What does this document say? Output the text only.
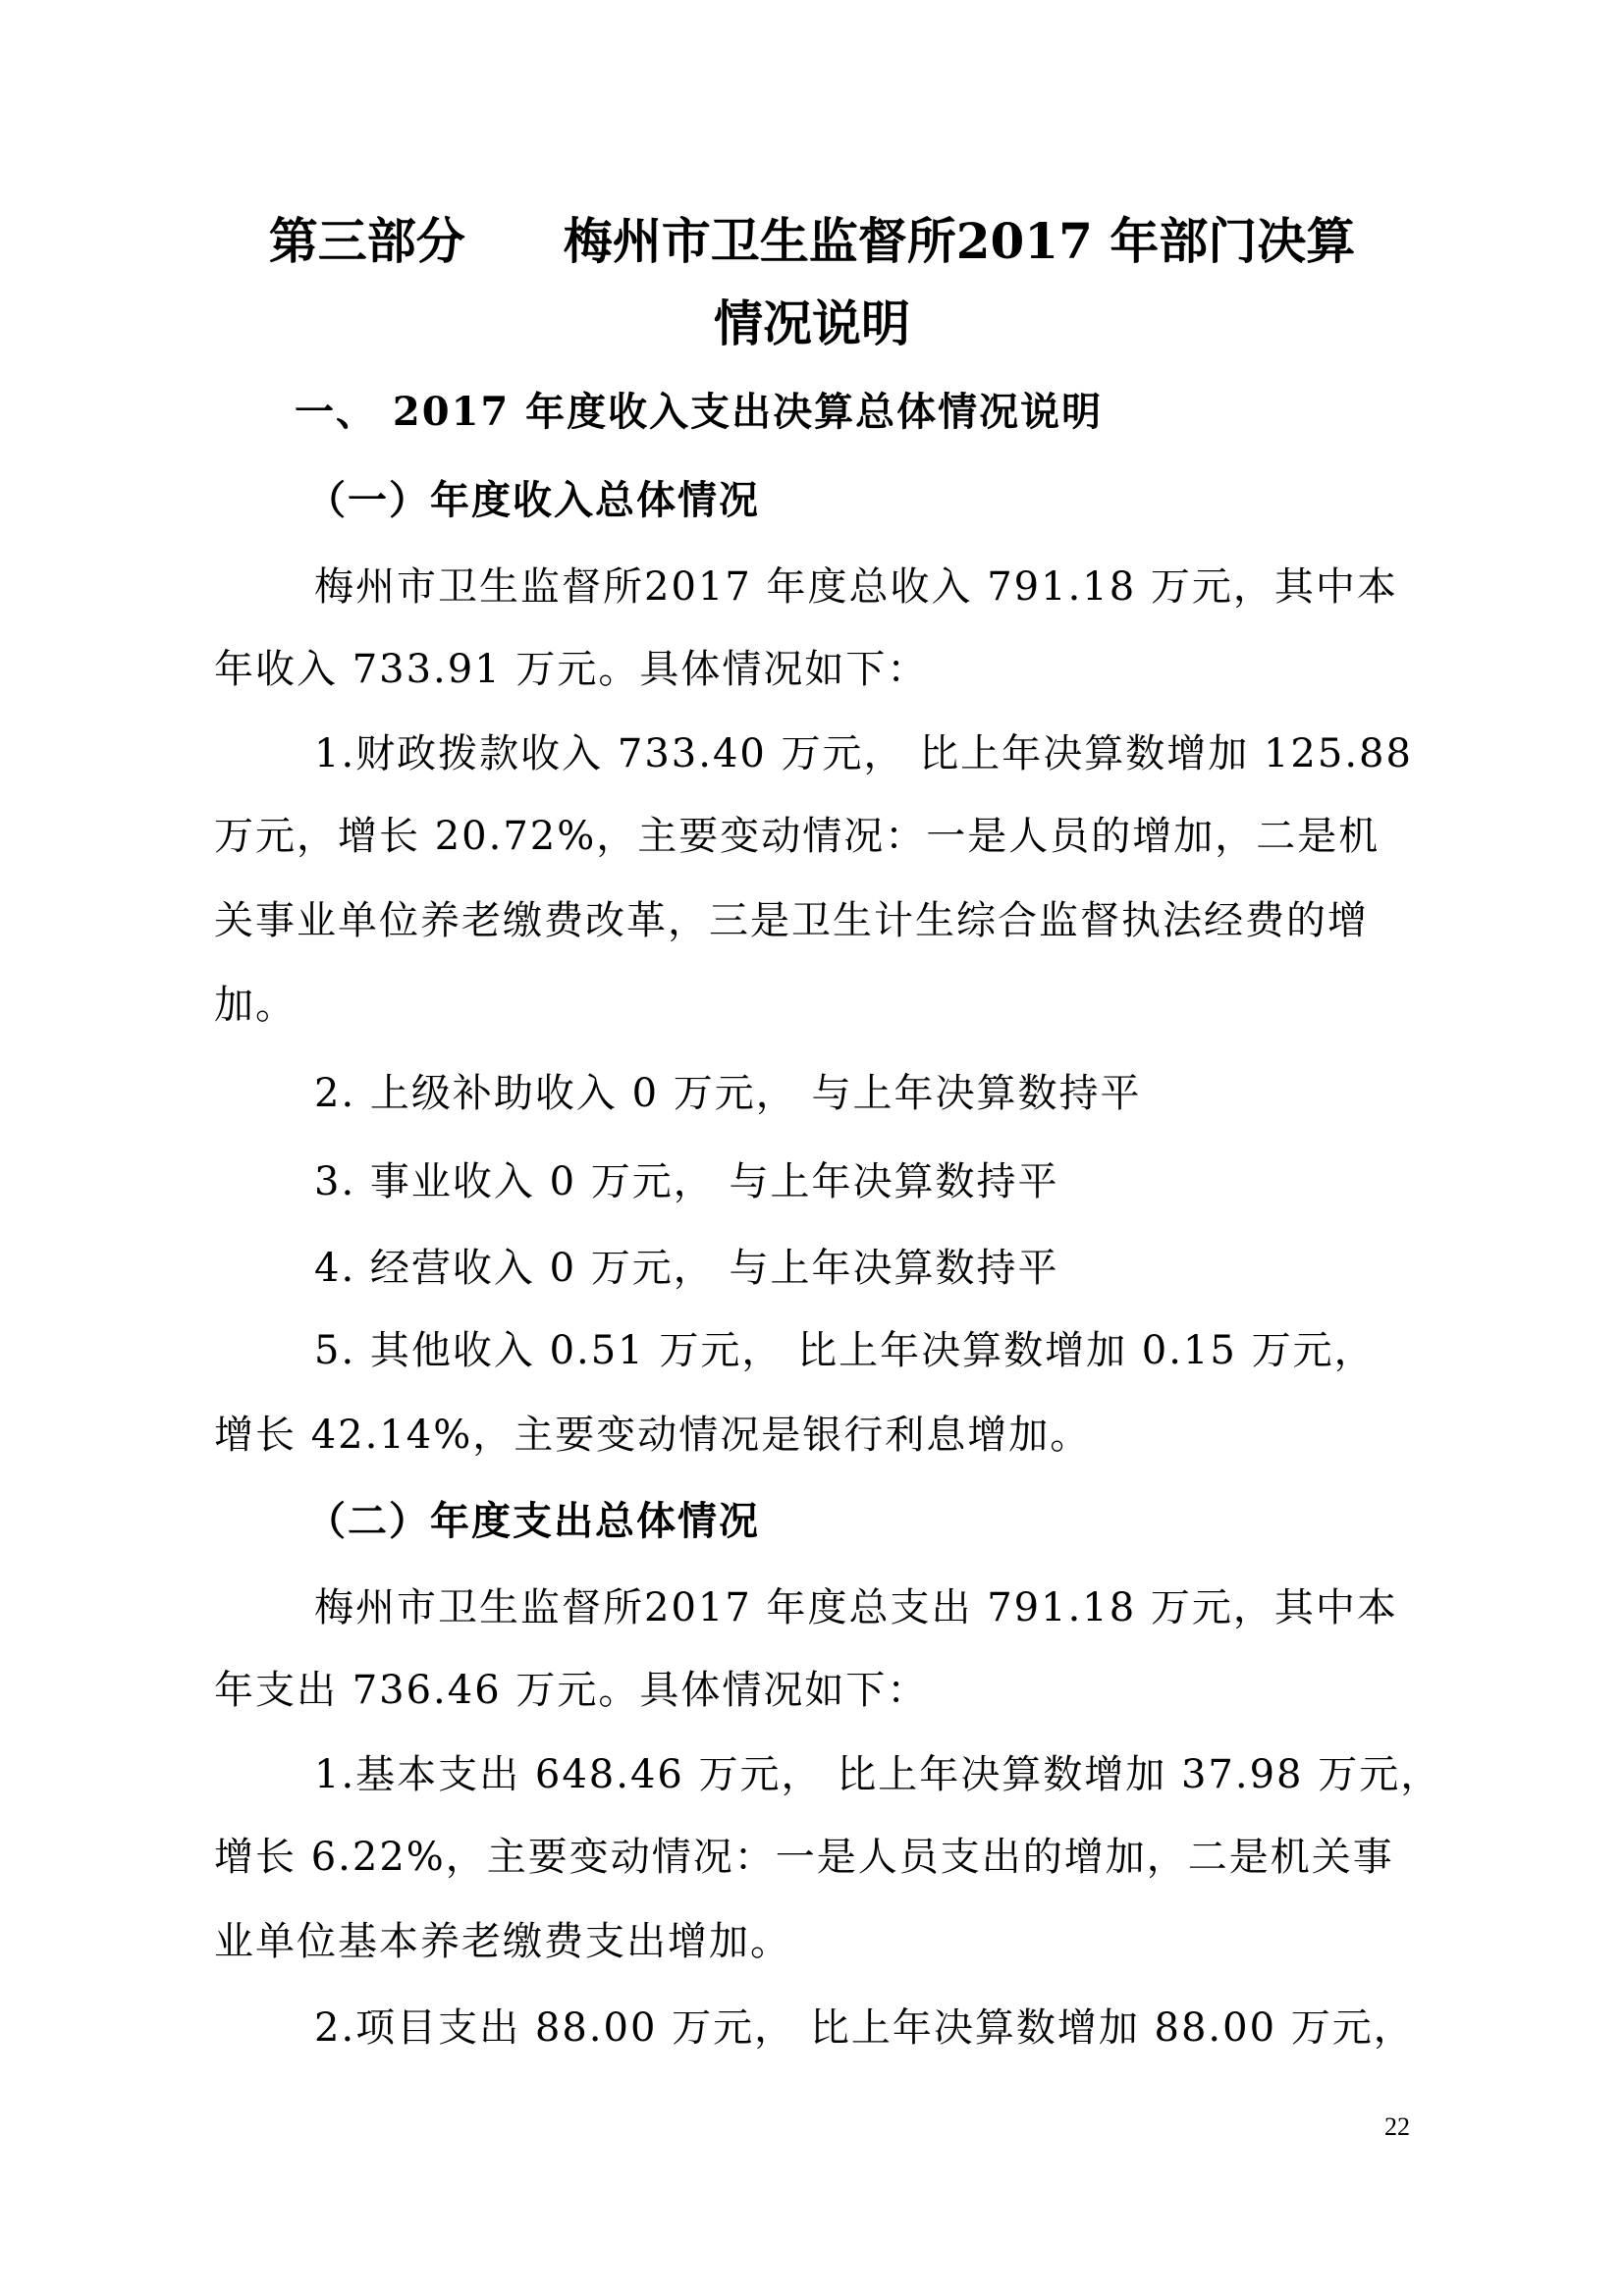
第三部分 梅州市卫生监督所2017 年部门决算
情况说明
一、 2017 年度收入支出决算总体情况说明
（一）年度收入总体情况
梅州市卫生监督所2017 年度总收入 791.18 万元，其中本
年收入 733.91 万元。具体情况如下：
1.财政拨款收入 733.40 万元， 比上年决算数增加 125.88
万元，增长 20.72%，主要变动情况：一是人员的增加，二是机
关事业单位养老缴费改革，三是卫生计生综合监督执法经费的增
加。
2. 上级补助收入 0 万元， 与上年决算数持平
3. 事业收入 0 万元， 与上年决算数持平
4. 经营收入 0 万元， 与上年决算数持平
5. 其他收入 0.51 万元， 比上年决算数增加 0.15 万元，
增长 42.14%，主要变动情况是银行利息增加。
（二）年度支出总体情况
梅州市卫生监督所2017 年度总支出 791.18 万元，其中本
年支出 736.46 万元。具体情况如下：
1.基本支出 648.46 万元， 比上年决算数增加 37.98 万元，
增长 6.22%，主要变动情况：一是人员支出的增加，二是机关事
业单位基本养老缴费支出增加。
2.项目支出 88.00 万元， 比上年决算数增加 88.00 万元，
22
